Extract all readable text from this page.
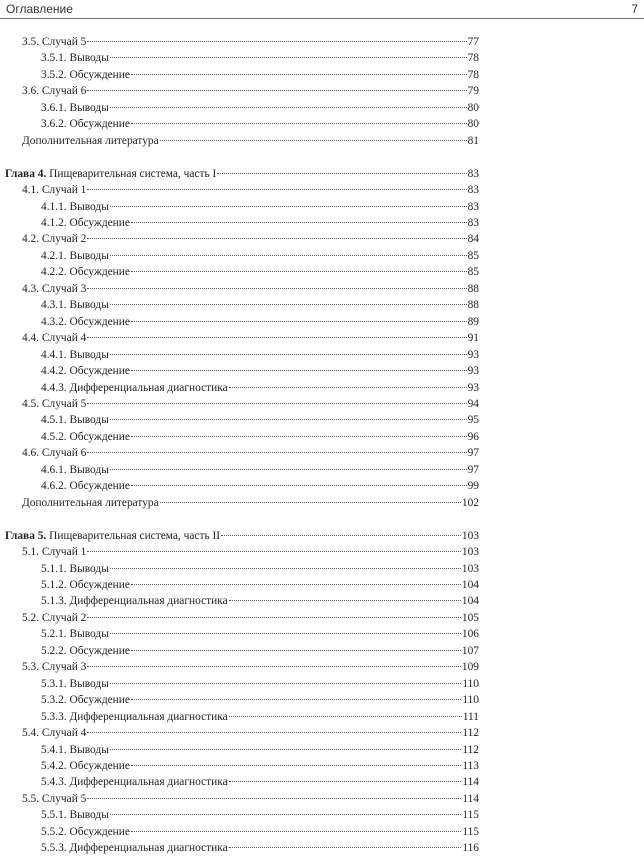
Оглавление	7
3.5. Случай 5	77
3.5.1. Выводы	78
3.5.2. Обсуждение	78
3.6. Случай 6	79
3.6.1. Выводы	80
3.6.2. Обсуждение	80
Дополнительная литература	81
Глава 4. Пищеварительная система, часть I	83
4.1. Случай 1	83
4.1.1. Выводы	83
4.1.2. Обсуждение	83
4.2. Случай 2	84
4.2.1. Выводы	85
4.2.2. Обсуждение	85
4.3. Случай 3	88
4.3.1. Выводы	88
4.3.2. Обсуждение	89
4.4. Случай 4	91
4.4.1. Выводы	93
4.4.2. Обсуждение	93
4.4.3. Дифференциальная диагностика	93
4.5. Случай 5	94
4.5.1. Выводы	95
4.5.2. Обсуждение	96
4.6. Случай 6	97
4.6.1. Выводы	97
4.6.2. Обсуждение	99
Дополнительная литература	102
Глава 5. Пищеварительная система, часть II	103
5.1. Случай 1	103
5.1.1. Выводы	103
5.1.2. Обсуждение	104
5.1.3. Дифференциальная диагностика	104
5.2. Случай 2	105
5.2.1. Выводы	106
5.2.2. Обсуждение	107
5.3. Случай 3	109
5.3.1. Выводы	110
5.3.2. Обсуждение	110
5.3.3. Дифференциальная диагностика	111
5.4. Случай 4	112
5.4.1. Выводы	112
5.4.2. Обсуждение	113
5.4.3. Дифференциальная диагностика	114
5.5. Случай 5	114
5.5.1. Выводы	115
5.5.2. Обсуждение	115
5.5.3. Дифференциальная диагностика	116
